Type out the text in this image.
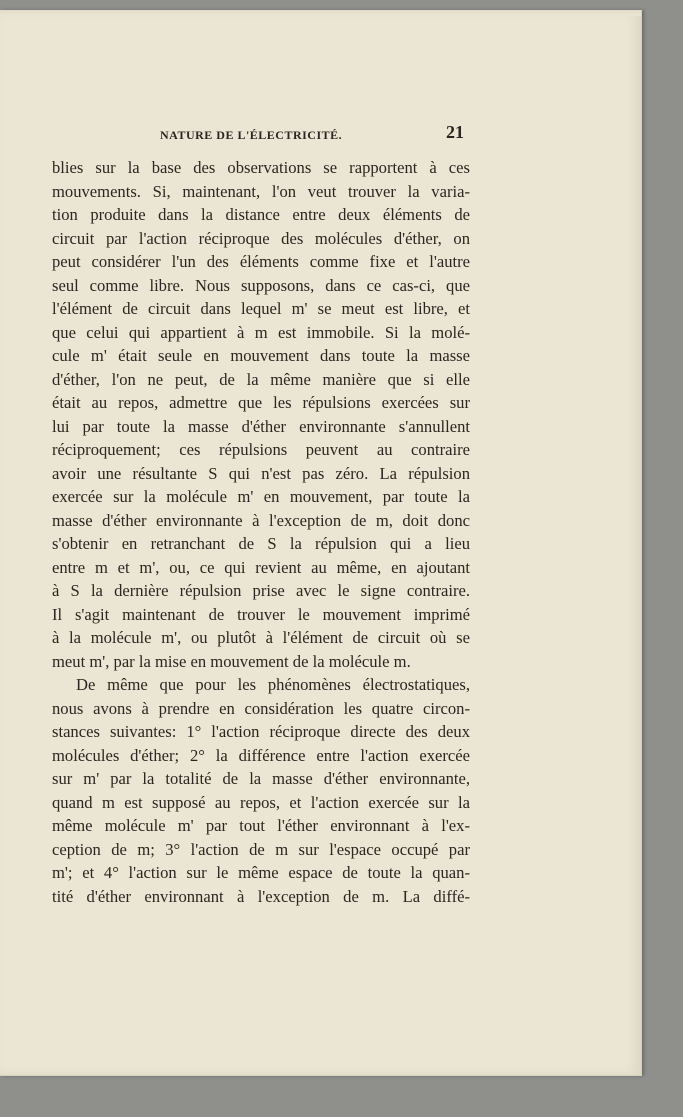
NATURE DE L'ÉLECTRICITÉ.	21
blies sur la base des observations se rapportent à ces
mouvements. Si, maintenant, l'on veut trouver la varia-
tion produite dans la distance entre deux éléments de
circuit par l'action réciproque des molécules d'éther, on
peut considérer l'un des éléments comme fixe et l'autre
seul comme libre. Nous supposons, dans ce cas-ci, que
l'élément de circuit dans lequel m' se meut est libre, et
que celui qui appartient à m est immobile. Si la molé-
cule m' était seule en mouvement dans toute la masse
d'éther, l'on ne peut, de la même manière que si elle
était au repos, admettre que les répulsions exercées sur
lui par toute la masse d'éther environnante s'annullent
réciproquement; ces répulsions peuvent au contraire
avoir une résultante S qui n'est pas zéro. La répulsion
exercée sur la molécule m' en mouvement, par toute la
masse d'éther environnante à l'exception de m, doit donc
s'obtenir en retranchant de S la répulsion qui a lieu
entre m et m', ou, ce qui revient au même, en ajoutant
à S la dernière répulsion prise avec le signe contraire.
Il s'agit maintenant de trouver le mouvement imprimé
à la molécule m', ou plutôt à l'élément de circuit où se
meut m', par la mise en mouvement de la molécule m.
De même que pour les phénomènes électrostatiques,
nous avons à prendre en considération les quatre circon-
stances suivantes: 1° l'action réciproque directe des deux
molécules d'éther; 2° la différence entre l'action exercée
sur m' par la totalité de la masse d'éther environnante,
quand m est supposé au repos, et l'action exercée sur la
même molécule m' par tout l'éther environnant à l'ex-
ception de m; 3° l'action de m sur l'espace occupé par
m'; et 4° l'action sur le même espace de toute la quan-
tité d'éther environnant à l'exception de m. La diffé-
